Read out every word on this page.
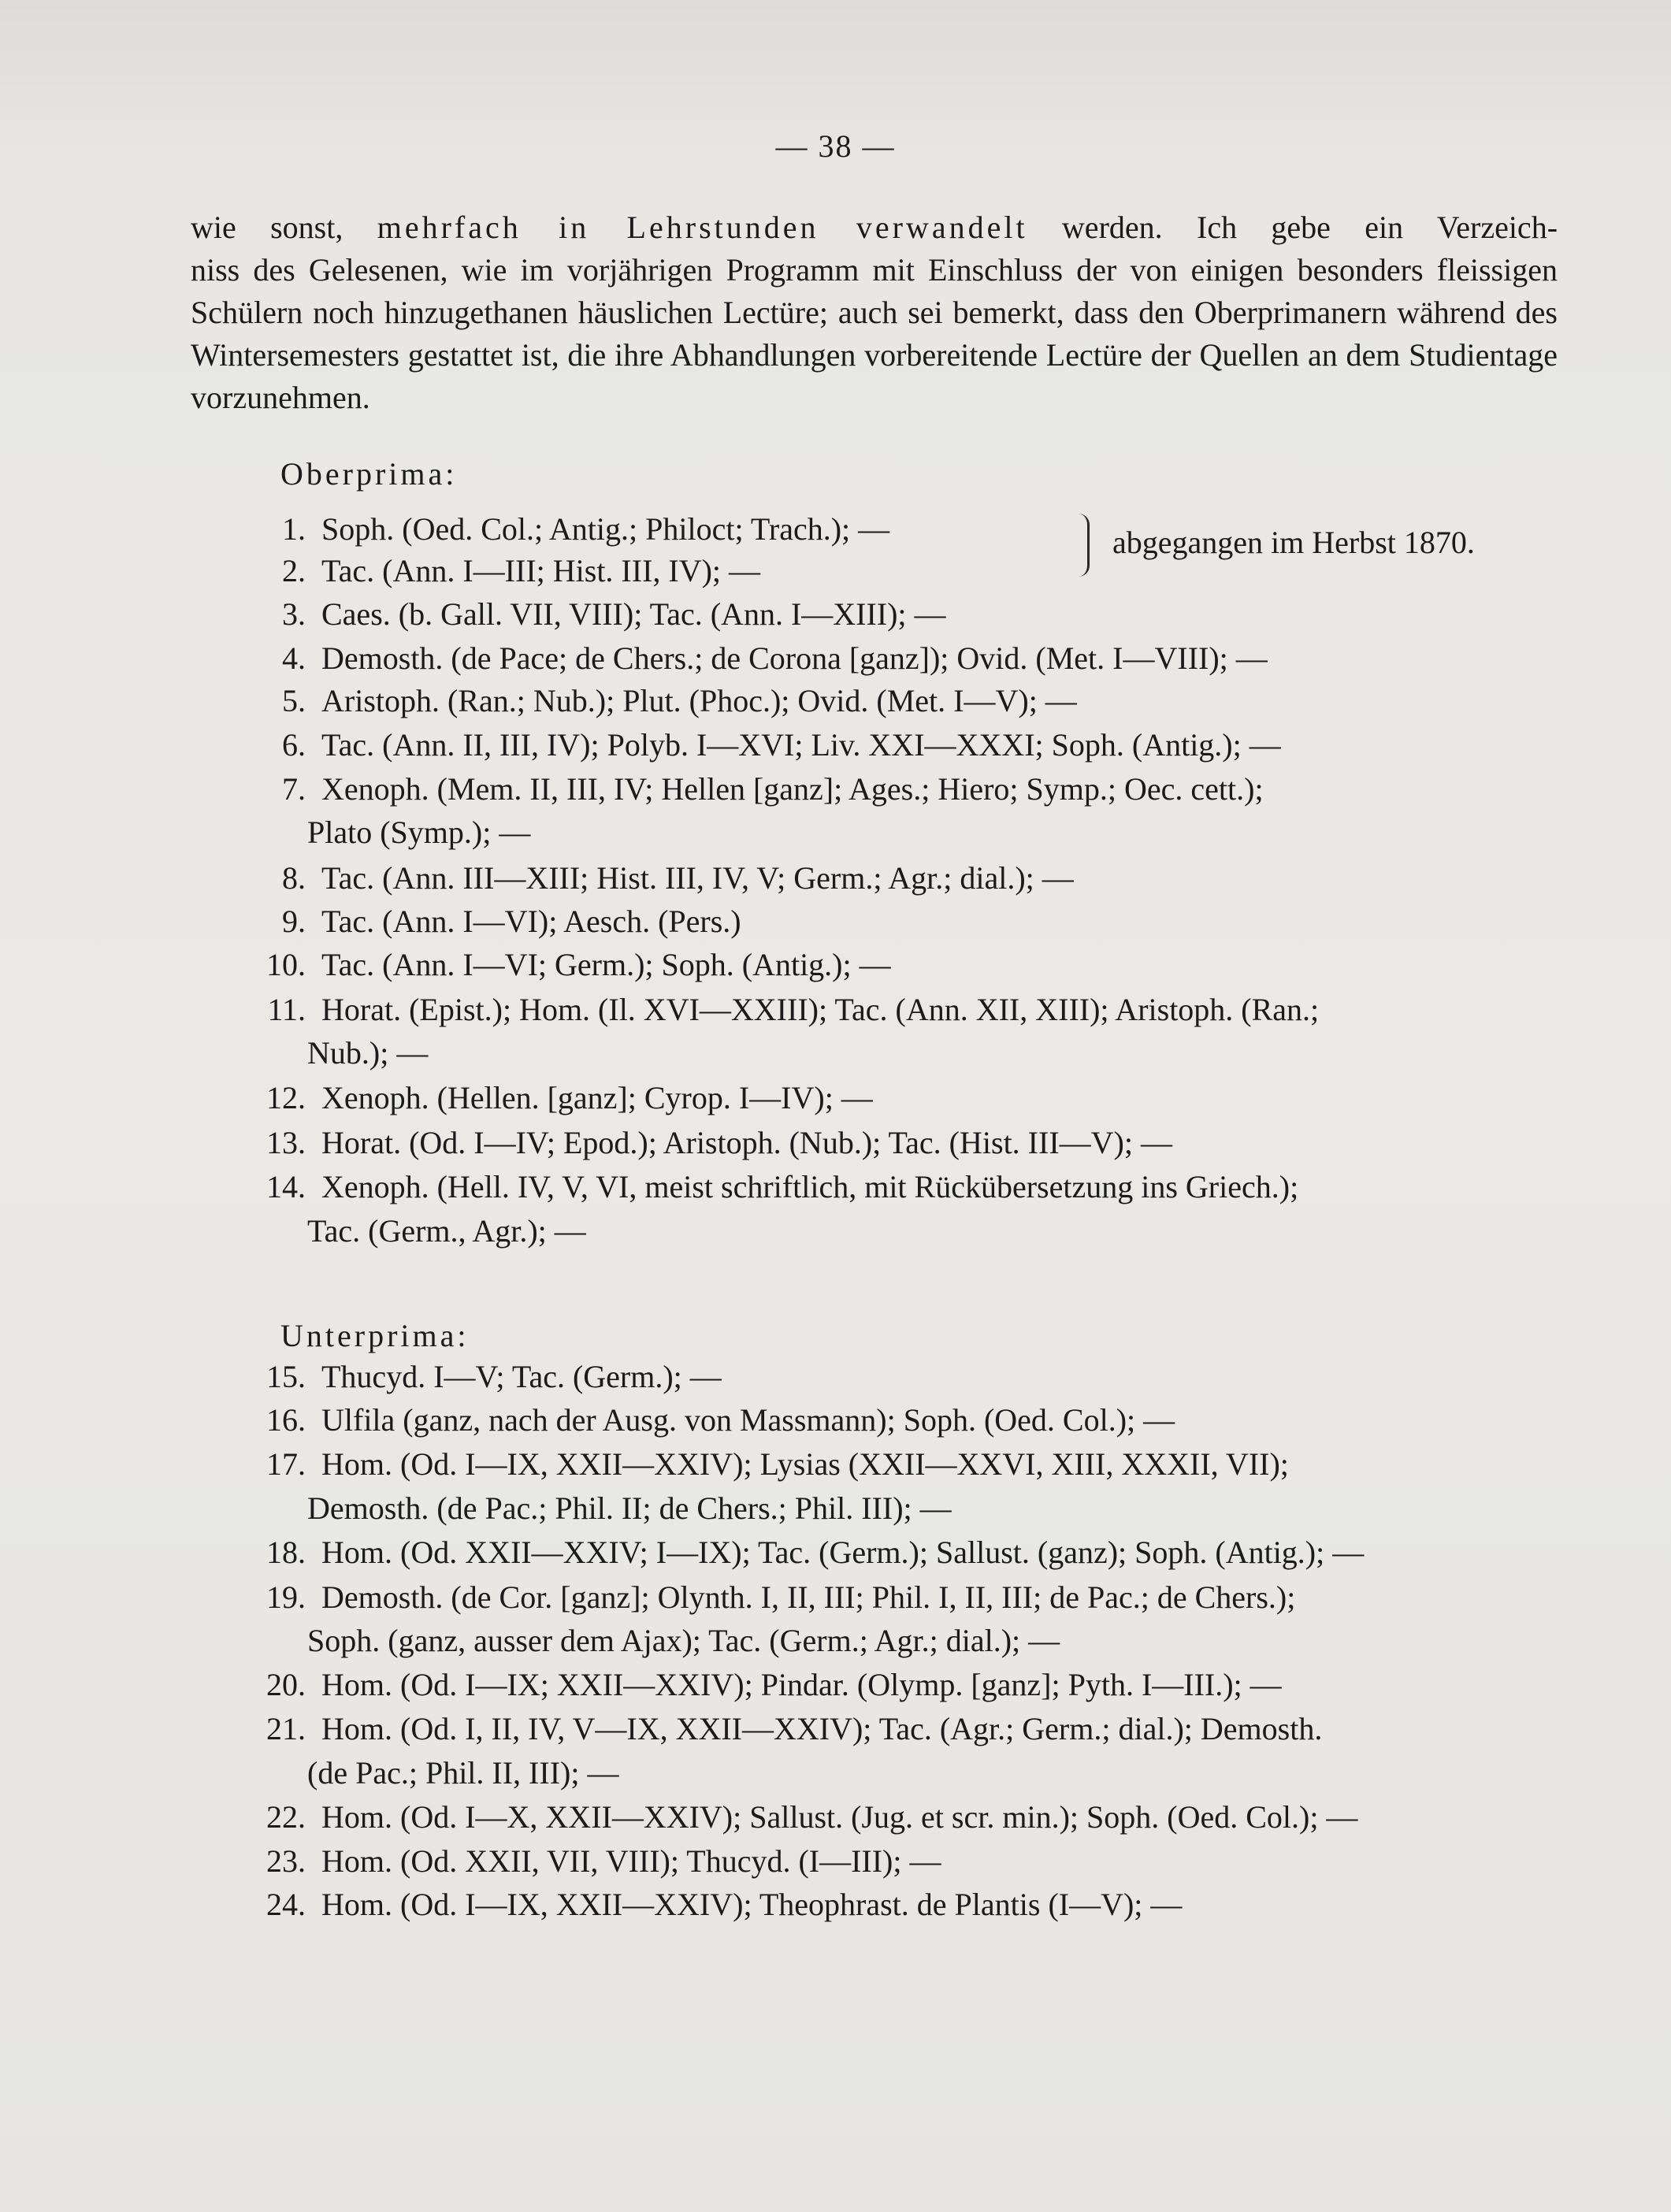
— 38 —

wie sonst, mehrfach in Lehrstunden verwandelt werden. Ich gebe ein Verzeich-

niss des Gelesenen, wie im vorjährigen Programm mit Einschluss der von einigen besonders fleissigen Schülern noch hinzugethanen häuslichen Lectüre; auch sei bemerkt, dass den Oberprimanern während des Wintersemesters gestattet ist, die ihre Abhandlungen vorbereitende Lectüre der Quellen an dem Studientage vorzunehmen.

Oberprima:
abgegangen im Herbst 1870.
Unterprima:
1. Soph. (Oed. Col.; Antig.; Philoct; Trach.); —
2. Tac. (Ann. I—III; Hist. III, IV); —
3. Caes. (b. Gall. VII, VIII); Tac. (Ann. I—XIII); —
4. Demosth. (de Pace; de Chers.; de Corona [ganz]); Ovid. (Met. I—VIII); —
5. Aristoph. (Ran.; Nub.); Plut. (Phoc.); Ovid. (Met. I—V); —
6. Tac. (Ann. II, III, IV); Polyb. I—XVI; Liv. XXI—XXXI; Soph. (Antig.); —
7. Xenoph. (Mem. II, III, IV; Hellen [ganz]; Ages.; Hiero; Symp.; Oec. cett.);
Plato (Symp.); —
8. Tac. (Ann. III—XIII; Hist. III, IV, V; Germ.; Agr.; dial.); —
9. Tac. (Ann. I—VI); Aesch. (Pers.)
10. Tac. (Ann. I—VI; Germ.); Soph. (Antig.); —
11. Horat. (Epist.); Hom. (Il. XVI—XXIII); Tac. (Ann. XII, XIII); Aristoph. (Ran.;
Nub.); —
12. Xenoph. (Hellen. [ganz]; Cyrop. I—IV); —
13. Horat. (Od. I—IV; Epod.); Aristoph. (Nub.); Tac. (Hist. III—V); —
14. Xenoph. (Hell. IV, V, VI, meist schriftlich, mit Rückübersetzung ins Griech.);
Tac. (Germ., Agr.); —
15. Thucyd. I—V; Tac. (Germ.); —
16. Ulfila (ganz, nach der Ausg. von Massmann); Soph. (Oed. Col.); —
17. Hom. (Od. I—IX, XXII—XXIV); Lysias (XXII—XXVI, XIII, XXXII, VII);
Demosth. (de Pac.; Phil. II; de Chers.; Phil. III); —
18. Hom. (Od. XXII—XXIV; I—IX); Tac. (Germ.); Sallust. (ganz); Soph. (Antig.); —
19. Demosth. (de Cor. [ganz]; Olynth. I, II, III; Phil. I, II, III; de Pac.; de Chers.);
Soph. (ganz, ausser dem Ajax); Tac. (Germ.; Agr.; dial.); —
20. Hom. (Od. I—IX; XXII—XXIV); Pindar. (Olymp. [ganz]; Pyth. I—III.); —
21. Hom. (Od. I, II, IV, V—IX, XXII—XXIV); Tac. (Agr.; Germ.; dial.); Demosth.
(de Pac.; Phil. II, III); —
22. Hom. (Od. I—X, XXII—XXIV); Sallust. (Jug. et scr. min.); Soph. (Oed. Col.); —
23. Hom. (Od. XXII, VII, VIII); Thucyd. (I—III); —
24. Hom. (Od. I—IX, XXII—XXIV); Theophrast. de Plantis (I—V); —
